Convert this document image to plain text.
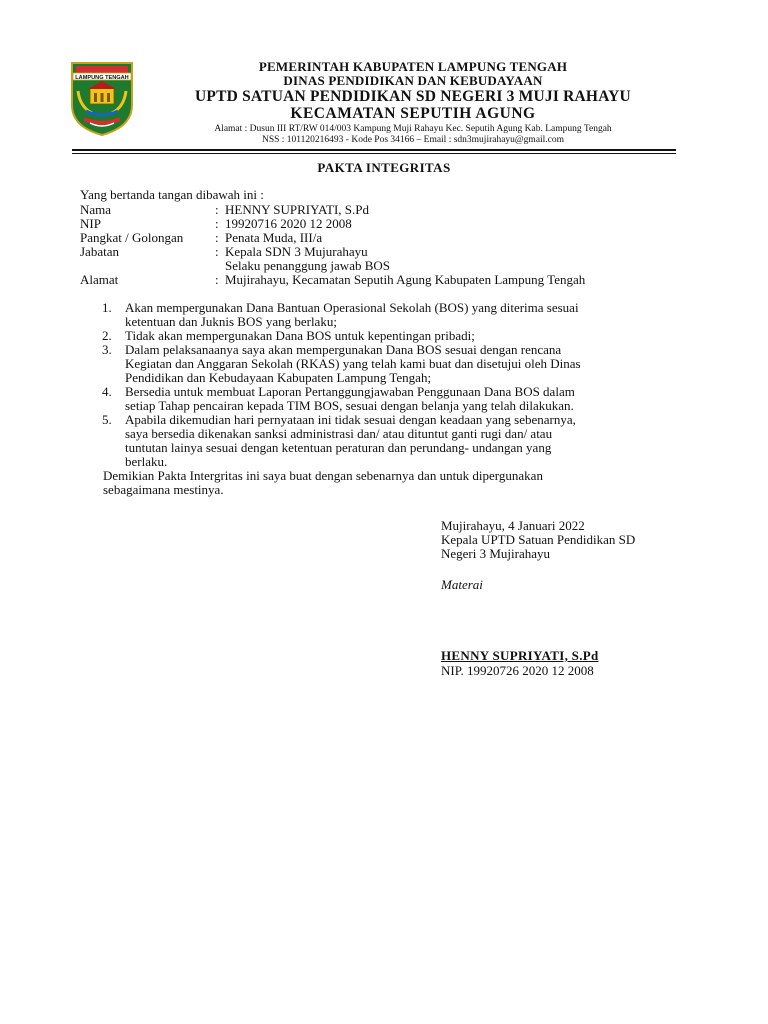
LAMPUNG TENGAH
PEMERINTAH KABUPATEN LAMPUNG TENGAH
DINAS PENDIDIKAN DAN KEBUDAYAAN
UPTD SATUAN PENDIDIKAN SD NEGERI 3 MUJI RAHAYU
KECAMATAN SEPUTIH AGUNG
Alamat : Dusun III RT/RW 014/003 Kampung Muji Rahayu Kec. Seputih Agung Kab. Lampung Tengah
NSS : 101120216493 - Kode Pos 34166 – Email : sdn3mujirahayu@gmail.com
PAKTA INTEGRITAS
Yang bertanda tangan dibawah ini :
Nama	:	HENNY SUPRIYATI, S.Pd
NIP	:	19920716 2020 12 2008
Pangkat / Golongan	:	Penata Muda, III/a
Jabatan	:	Kepala SDN 3 Mujurahayu
		Selaku penanggung jawab BOS
Alamat	:	Mujirahayu, Kecamatan Seputih Agung Kabupaten Lampung Tengah
1. Akan mempergunakan Dana Bantuan Operasional Sekolah (BOS) yang diterima sesuai
ketentuan dan Juknis BOS yang berlaku;
2. Tidak akan mempergunakan Dana BOS untuk kepentingan pribadi;
3. Dalam pelaksanaanya saya akan mempergunakan Dana BOS sesuai dengan rencana
Kegiatan dan Anggaran Sekolah (RKAS) yang telah kami buat dan disetujui oleh Dinas
Pendidikan dan Kebudayaan Kabupaten Lampung Tengah;
4. Bersedia untuk membuat Laporan Pertanggungjawaban Penggunaan Dana BOS dalam
setiap Tahap pencairan kepada TIM BOS, sesuai dengan belanja yang telah dilakukan.
5. Apabila dikemudian hari pernyataan ini tidak sesuai dengan keadaan yang sebenarnya,
saya bersedia dikenakan sanksi administrasi dan/ atau dituntut ganti rugi dan/ atau
tuntutan lainya sesuai dengan ketentuan peraturan dan perundang- undangan yang
berlaku.
Demikian Pakta Intergritas ini saya buat dengan sebenarnya dan untuk dipergunakan
sebagaimana mestinya.
Mujirahayu, 4 Januari 2022
Kepala UPTD Satuan Pendidikan SD
Negeri 3 Mujirahayu
Materai
HENNY SUPRIYATI, S.Pd
NIP. 19920726 2020 12 2008
